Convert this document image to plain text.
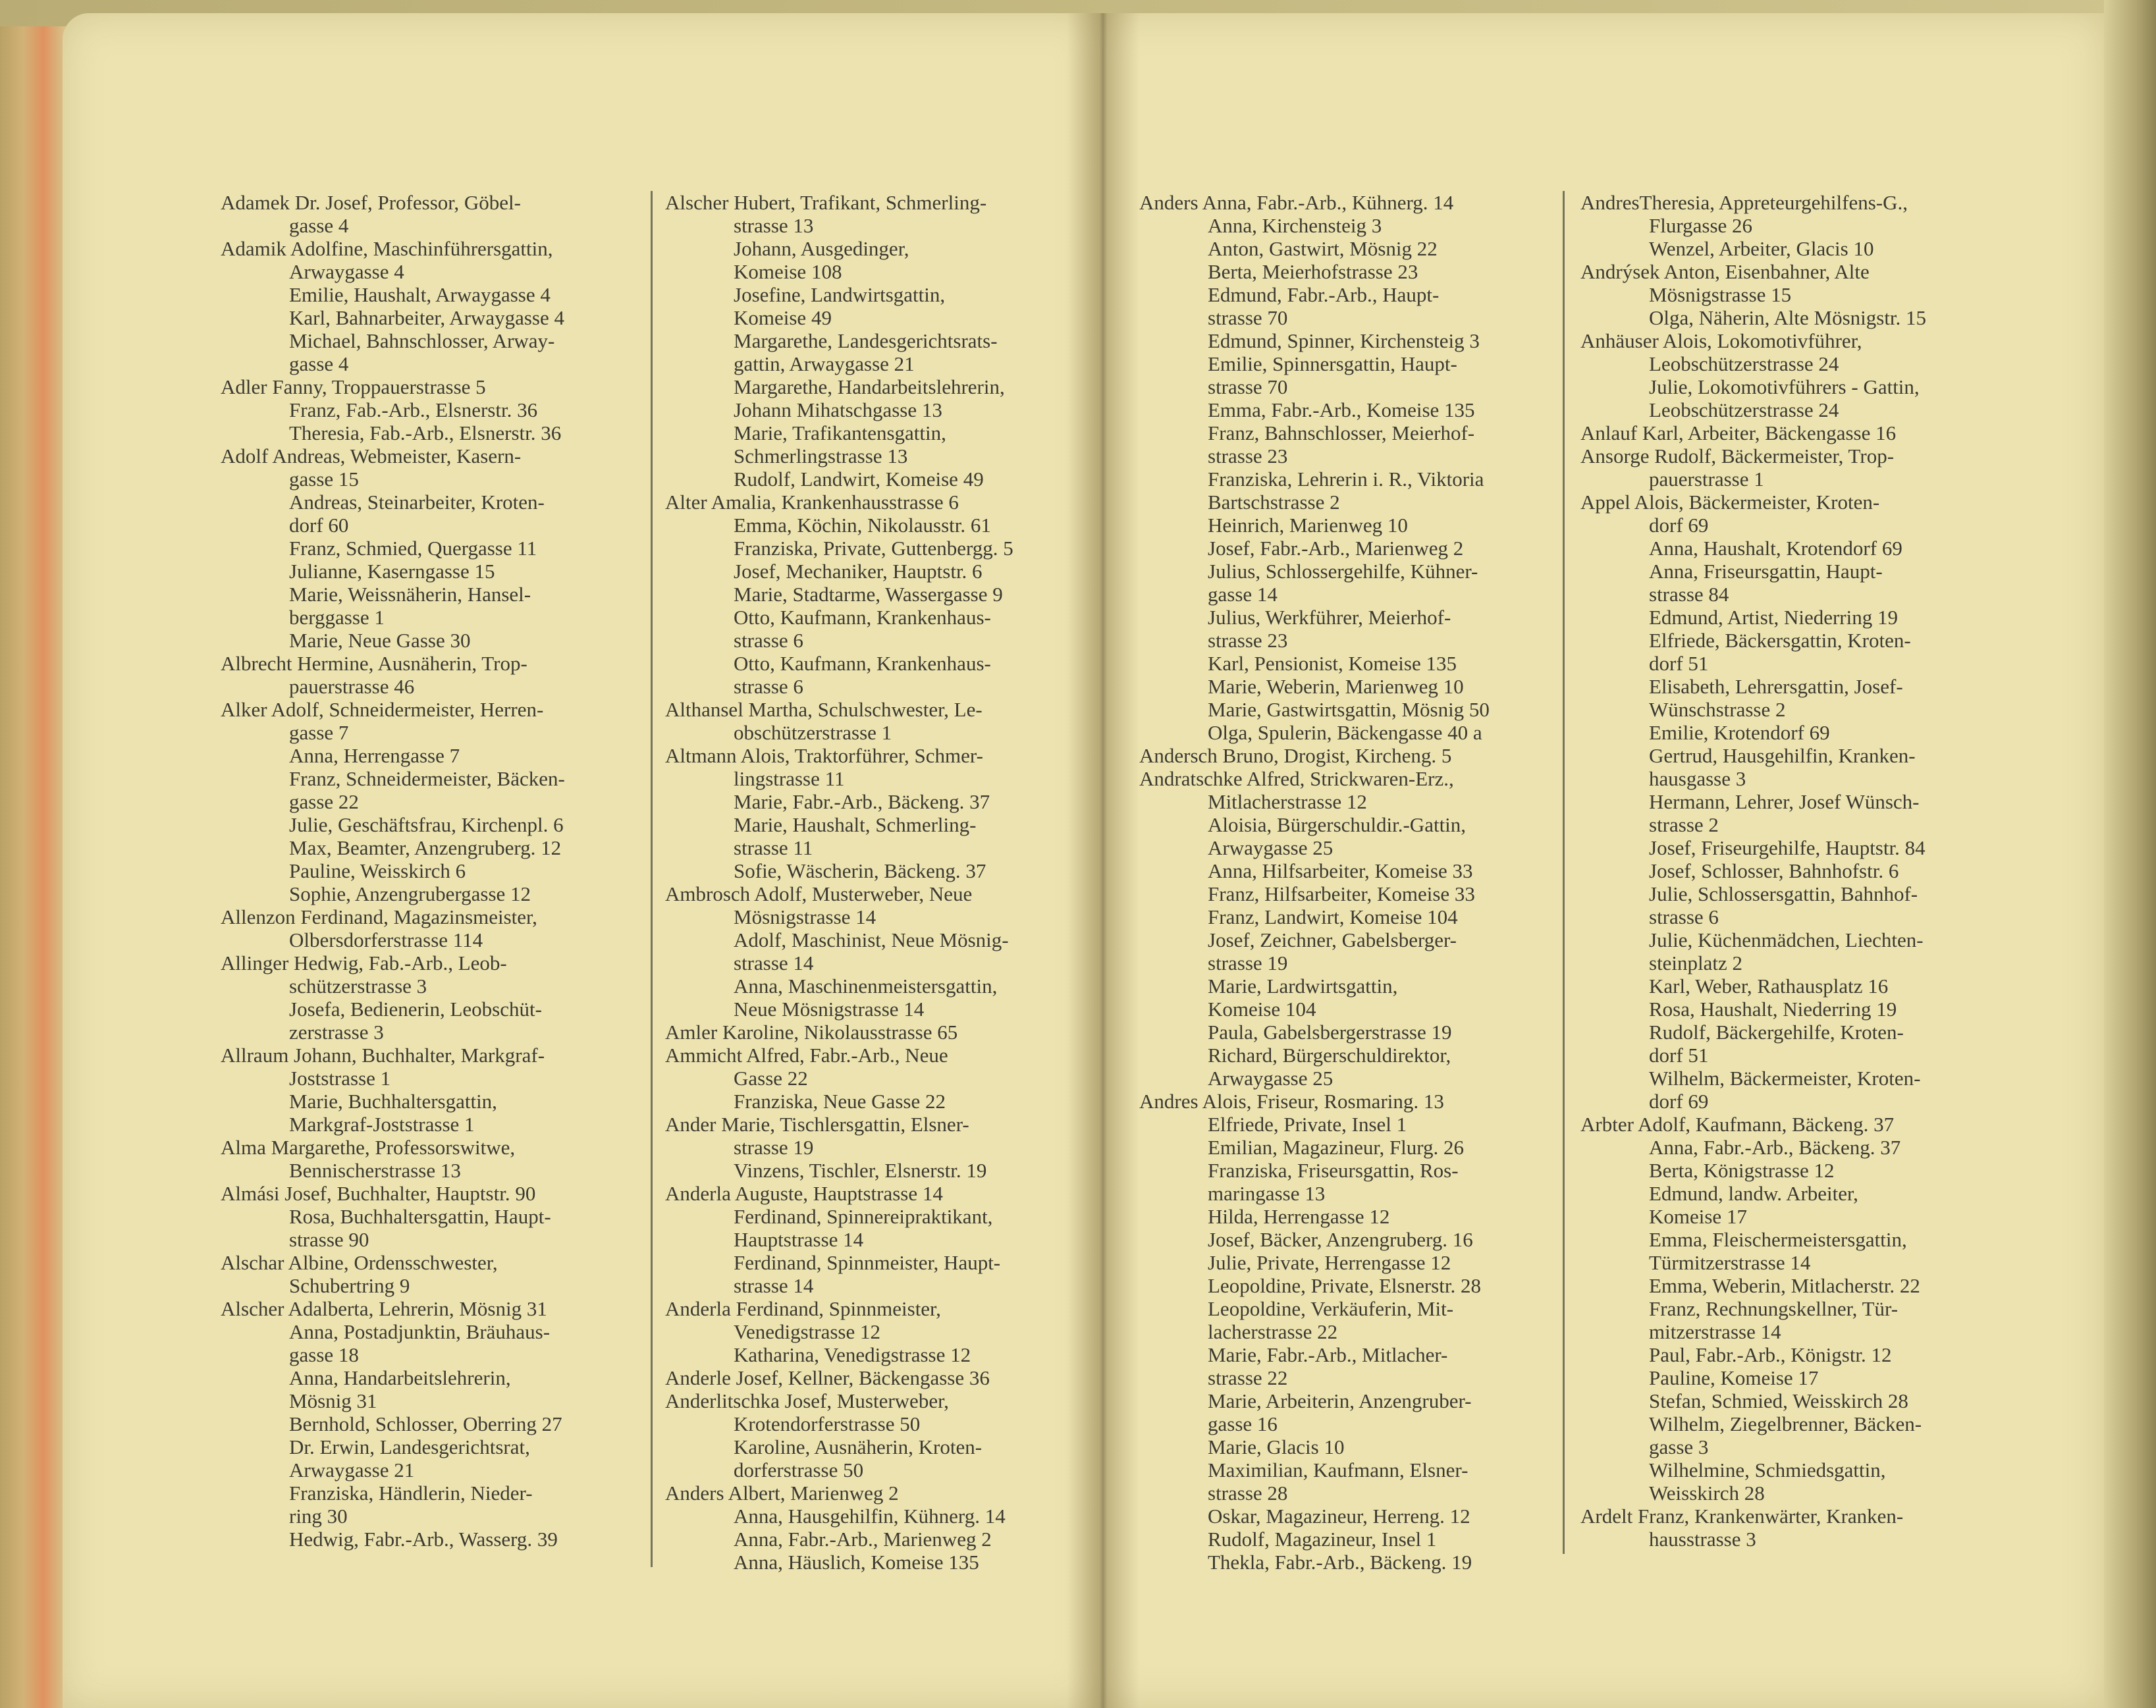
Adamek Dr. Josef, Professor, Göbel-
gasse 4
Adamik Adolfine, Maschinführersgattin,
Arwaygasse 4
Emilie, Haushalt, Arwaygasse 4
Karl, Bahnarbeiter, Arwaygasse 4
Michael, Bahnschlosser, Arway-
gasse 4
Adler Fanny, Troppauerstrasse 5
Franz, Fab.-Arb., Elsnerstr. 36
Theresia, Fab.-Arb., Elsnerstr. 36
Adolf Andreas, Webmeister, Kasern-
gasse 15
Andreas, Steinarbeiter, Kroten-
dorf 60
Franz, Schmied, Quergasse 11
Julianne, Kaserngasse 15
Marie, Weissnäherin, Hansel-
berggasse 1
Marie, Neue Gasse 30
Albrecht Hermine, Ausnäherin, Trop-
pauerstrasse 46
Alker Adolf, Schneidermeister, Herren-
gasse 7
Anna, Herrengasse 7
Franz, Schneidermeister, Bäcken-
gasse 22
Julie, Geschäftsfrau, Kirchenpl. 6
Max, Beamter, Anzengruberg. 12
Pauline, Weisskirch 6
Sophie, Anzengrubergasse 12
Allenzon Ferdinand, Magazinsmeister,
Olbersdorferstrasse 114
Allinger Hedwig, Fab.-Arb., Leob-
schützerstrasse 3
Josefa, Bedienerin, Leobschüt-
zerstrasse 3
Allraum Johann, Buchhalter, Markgraf-
Joststrasse 1
Marie, Buchhaltersgattin,
Markgraf-Joststrasse 1
Alma Margarethe, Professorswitwe,
Bennischerstrasse 13
Almási Josef, Buchhalter, Hauptstr. 90
Rosa, Buchhaltersgattin, Haupt-
strasse 90
Alschar Albine, Ordensschwester,
Schubertring 9
Alscher Adalberta, Lehrerin, Mösnig 31
Anna, Postadjunktin, Bräuhaus-
gasse 18
Anna, Handarbeitslehrerin,
Mösnig 31
Bernhold, Schlosser, Oberring 27
Dr. Erwin, Landesgerichtsrat,
Arwaygasse 21
Franziska, Händlerin, Nieder-
ring 30
Hedwig, Fabr.-Arb., Wasserg. 39
Alscher Hubert, Trafikant, Schmerling-
strasse 13
Johann, Ausgedinger,
Komeise 108
Josefine, Landwirtsgattin,
Komeise 49
Margarethe, Landesgerichtsrats-
gattin, Arwaygasse 21
Margarethe, Handarbeitslehrerin,
Johann Mihatschgasse 13
Marie, Trafikantensgattin,
Schmerlingstrasse 13
Rudolf, Landwirt, Komeise 49
Alter Amalia, Krankenhausstrasse 6
Emma, Köchin, Nikolausstr. 61
Franziska, Private, Guttenbergg. 5
Josef, Mechaniker, Hauptstr. 6
Marie, Stadtarme, Wassergasse 9
Otto, Kaufmann, Krankenhaus-
strasse 6
Otto, Kaufmann, Krankenhaus-
strasse 6
Althansel Martha, Schulschwester, Le-
obschützerstrasse 1
Altmann Alois, Traktorführer, Schmer-
lingstrasse 11
Marie, Fabr.-Arb., Bäckeng. 37
Marie, Haushalt, Schmerling-
strasse 11
Sofie, Wäscherin, Bäckeng. 37
Ambrosch Adolf, Musterweber, Neue
Mösnigstrasse 14
Adolf, Maschinist, Neue Mösnig-
strasse 14
Anna, Maschinenmeistersgattin,
Neue Mösnigstrasse 14
Amler Karoline, Nikolausstrasse 65
Ammicht Alfred, Fabr.-Arb., Neue
Gasse 22
Franziska, Neue Gasse 22
Ander Marie, Tischlersgattin, Elsner-
strasse 19
Vinzens, Tischler, Elsnerstr. 19
Anderla Auguste, Hauptstrasse 14
Ferdinand, Spinnereipraktikant,
Hauptstrasse 14
Ferdinand, Spinnmeister, Haupt-
strasse 14
Anderla Ferdinand, Spinnmeister,
Venedigstrasse 12
Katharina, Venedigstrasse 12
Anderle Josef, Kellner, Bäckengasse 36
Anderlitschka Josef, Musterweber,
Krotendorferstrasse 50
Karoline, Ausnäherin, Kroten-
dorferstrasse 50
Anders Albert, Marienweg 2
Anna, Hausgehilfin, Kühnerg. 14
Anna, Fabr.-Arb., Marienweg 2
Anna, Häuslich, Komeise 135
Anders Anna, Fabr.-Arb., Kühnerg. 14
Anna, Kirchensteig 3
Anton, Gastwirt, Mösnig 22
Berta, Meierhofstrasse 23
Edmund, Fabr.-Arb., Haupt-
strasse 70
Edmund, Spinner, Kirchensteig 3
Emilie, Spinnersgattin, Haupt-
strasse 70
Emma, Fabr.-Arb., Komeise 135
Franz, Bahnschlosser, Meierhof-
strasse 23
Franziska, Lehrerin i. R., Viktoria
Bartschstrasse 2
Heinrich, Marienweg 10
Josef, Fabr.-Arb., Marienweg 2
Julius, Schlossergehilfe, Kühner-
gasse 14
Julius, Werkführer, Meierhof-
strasse 23
Karl, Pensionist, Komeise 135
Marie, Weberin, Marienweg 10
Marie, Gastwirtsgattin, Mösnig 50
Olga, Spulerin, Bäckengasse 40 a
Andersch Bruno, Drogist, Kircheng. 5
Andratschke Alfred, Strickwaren-Erz.,
Mitlacherstrasse 12
Aloisia, Bürgerschuldir.-Gattin,
Arwaygasse 25
Anna, Hilfsarbeiter, Komeise 33
Franz, Hilfsarbeiter, Komeise 33
Franz, Landwirt, Komeise 104
Josef, Zeichner, Gabelsberger-
strasse 19
Marie, Lardwirtsgattin,
Komeise 104
Paula, Gabelsbergerstrasse 19
Richard, Bürgerschuldirektor,
Arwaygasse 25
Andres Alois, Friseur, Rosmaring. 13
Elfriede, Private, Insel 1
Emilian, Magazineur, Flurg. 26
Franziska, Friseursgattin, Ros-
maringasse 13
Hilda, Herrengasse 12
Josef, Bäcker, Anzengruberg. 16
Julie, Private, Herrengasse 12
Leopoldine, Private, Elsnerstr. 28
Leopoldine, Verkäuferin, Mit-
lacherstrasse 22
Marie, Fabr.-Arb., Mitlacher-
strasse 22
Marie, Arbeiterin, Anzengruber-
gasse 16
Marie, Glacis 10
Maximilian, Kaufmann, Elsner-
strasse 28
Oskar, Magazineur, Herreng. 12
Rudolf, Magazineur, Insel 1
Thekla, Fabr.-Arb., Bäckeng. 19
AndresTheresia, Appreteurgehilfens-G.,
Flurgasse 26
Wenzel, Arbeiter, Glacis 10
Andrýsek Anton, Eisenbahner, Alte
Mösnigstrasse 15
Olga, Näherin, Alte Mösnigstr. 15
Anhäuser Alois, Lokomotivführer,
Leobschützerstrasse 24
Julie, Lokomotivführers - Gattin,
Leobschützerstrasse 24
Anlauf Karl, Arbeiter, Bäckengasse 16
Ansorge Rudolf, Bäckermeister, Trop-
pauerstrasse 1
Appel Alois, Bäckermeister, Kroten-
dorf 69
Anna, Haushalt, Krotendorf 69
Anna, Friseursgattin, Haupt-
strasse 84
Edmund, Artist, Niederring 19
Elfriede, Bäckersgattin, Kroten-
dorf 51
Elisabeth, Lehrersgattin, Josef-
Wünschstrasse 2
Emilie, Krotendorf 69
Gertrud, Hausgehilfin, Kranken-
hausgasse 3
Hermann, Lehrer, Josef Wünsch-
strasse 2
Josef, Friseurgehilfe, Hauptstr. 84
Josef, Schlosser, Bahnhofstr. 6
Julie, Schlossersgattin, Bahnhof-
strasse 6
Julie, Küchenmädchen, Liechten-
steinplatz 2
Karl, Weber, Rathausplatz 16
Rosa, Haushalt, Niederring 19
Rudolf, Bäckergehilfe, Kroten-
dorf 51
Wilhelm, Bäckermeister, Kroten-
dorf 69
Arbter Adolf, Kaufmann, Bäckeng. 37
Anna, Fabr.-Arb., Bäckeng. 37
Berta, Königstrasse 12
Edmund, landw. Arbeiter,
Komeise 17
Emma, Fleischermeistersgattin,
Türmitzerstrasse 14
Emma, Weberin, Mitlacherstr. 22
Franz, Rechnungskellner, Tür-
mitzerstrasse 14
Paul, Fabr.-Arb., Königstr. 12
Pauline, Komeise 17
Stefan, Schmied, Weisskirch 28
Wilhelm, Ziegelbrenner, Bäcken-
gasse 3
Wilhelmine, Schmiedsgattin,
Weisskirch 28
Ardelt Franz, Krankenwärter, Kranken-
hausstrasse 3
